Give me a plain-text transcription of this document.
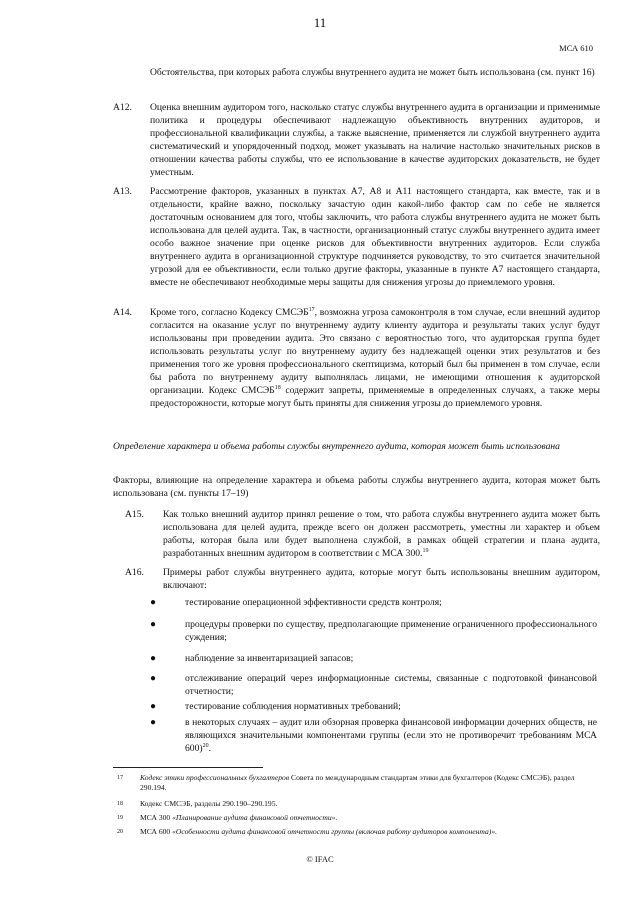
11
МСА 610

Обстоятельства, при которых работа службы внутреннего аудита не может быть использована (см. пункт 16)

A12. Оценка внешним аудитором того, насколько статус службы внутреннего аудита в организации и применимые политика и процедуры обеспечивают надлежащую объективность внутренних аудиторов, и профессиональной квалификации службы, а также выяснение, применяется ли службой внутреннего аудита систематический и упорядоченный подход, может указывать на наличие настолько значительных рисков в отношении качества работы службы, что ее использование в качестве аудиторских доказательств, не будет уместным.

A13. Рассмотрение факторов, указанных в пунктах А7, А8 и А11 настоящего стандарта, как вместе, так и в отдельности, крайне важно, поскольку зачастую один какой-либо фактор сам по себе не является достаточным основанием для того, чтобы заключить, что работа службы внутреннего аудита не может быть использована для целей аудита. Так, в частности, организационный статус службы внутреннего аудита имеет особо важное значение при оценке рисков для объективности внутренних аудиторов. Если служба внутреннего аудита в организационной структуре подчиняется руководству, то это считается значительной угрозой для ее объективности, если только другие факторы, указанные в пункте А7 настоящего стандарта, вместе не обеспечивают необходимые меры защиты для снижения угрозы до приемлемого уровня.

A14. Кроме того, согласно Кодексу СМСЭБ$^{17}$, возможна угроза самоконтроля в том случае, если внешний аудитор согласится на оказание услуг по внутреннему аудиту клиенту аудитора и результаты таких услуг будут использованы при проведении аудита. Это связано с вероятностью того, что аудиторская группа будет использовать результаты услуг по внутреннему аудиту без надлежащей оценки этих результатов и без применения того же уровня профессионального скептицизма, который был бы применен в том случае, если бы работа по внутреннему аудиту выполнялась лицами, не имеющими отношения к аудиторской организации. Кодекс СМСЭБ$^{18}$ содержит запреты, применяемые в определенных случаях, а также меры предосторожности, которые могут быть приняты для снижения угрозы до приемлемого уровня.

Определение характера и объема работы службы внутреннего аудита, которая может быть использована

Факторы, влияющие на определение характера и объема работы службы внутреннего аудита, которая может быть использована (см. пункты 17–19)

A15. Как только внешний аудитор принял решение о том, что работа службы внутреннего аудита может быть использована для целей аудита, прежде всего он должен рассмотреть, уместны ли характер и объем работы, которая была или будет выполнена службой, в рамках общей стратегии и плана аудита, разработанных внешним аудитором в соответствии с МСА 300.19

A16. Примеры работ службы внутреннего аудита, которые могут быть использованы внешним аудитором, включают:

●	тестирование операционной эффективности средств контроля;
●	процедуры проверки по существу, предполагающие применение ограниченного профессионального суждения;
●	наблюдение за инвентаризацией запасов;
●	отслеживание операций через информационные системы, связанные с подготовкой финансовой отчетности;
●	тестирование соблюдения нормативных требований;
●	в некоторых случаях – аудит или обзорная проверка финансовой информации дочерних обществ, не являющихся значительными компонентами группы (если это не противоречит требованиям МСА 600)$^{20}$.
17 Кодекс этики профессиональных бухгалтеров Совета по международным стандартам этики для бухгалтеров (Кодекс СМСЭБ), раздел 290.194.
18 Кодекс СМСЭБ, разделы 290.190–290.195.
19 МСА 300 «Планирование аудита финансовой отчетности».
20 МСА 600 «Особенности аудита финансовой отчетности группы (включая работу аудиторов компонента)».
© IFAC
